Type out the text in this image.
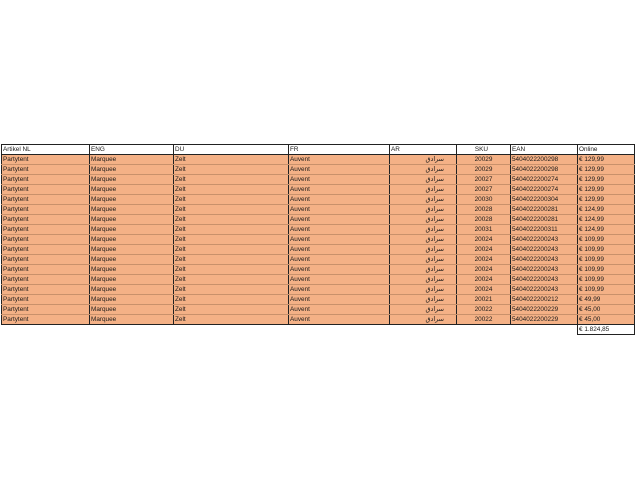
Artikel NL	ENG	DU	FR	AR	SKU	EAN	Online
Partytent	Marquee	Zelt	Auvent	سرادق	20029	5404022200298	€ 129,99
Partytent	Marquee	Zelt	Auvent	سرادق	20029	5404022200298	€ 129,99
Partytent	Marquee	Zelt	Auvent	سرادق	20027	5404022200274	€ 129,99
Partytent	Marquee	Zelt	Auvent	سرادق	20027	5404022200274	€ 129,99
Partytent	Marquee	Zelt	Auvent	سرادق	20030	5404022200304	€ 129,99
Partytent	Marquee	Zelt	Auvent	سرادق	20028	5404022200281	€ 124,99
Partytent	Marquee	Zelt	Auvent	سرادق	20028	5404022200281	€ 124,99
Partytent	Marquee	Zelt	Auvent	سرادق	20031	5404022200311	€ 124,99
Partytent	Marquee	Zelt	Auvent	سرادق	20024	5404022200243	€ 109,99
Partytent	Marquee	Zelt	Auvent	سرادق	20024	5404022200243	€ 109,99
Partytent	Marquee	Zelt	Auvent	سرادق	20024	5404022200243	€ 109,99
Partytent	Marquee	Zelt	Auvent	سرادق	20024	5404022200243	€ 109,99
Partytent	Marquee	Zelt	Auvent	سرادق	20024	5404022200243	€ 109,99
Partytent	Marquee	Zelt	Auvent	سرادق	20024	5404022200243	€ 109,99
Partytent	Marquee	Zelt	Auvent	سرادق	20021	5404022200212	€ 49,99
Partytent	Marquee	Zelt	Auvent	سرادق	20022	5404022200229	€ 45,00
Partytent	Marquee	Zelt	Auvent	سرادق	20022	5404022200229	€ 45,00
							€ 1.824,85
